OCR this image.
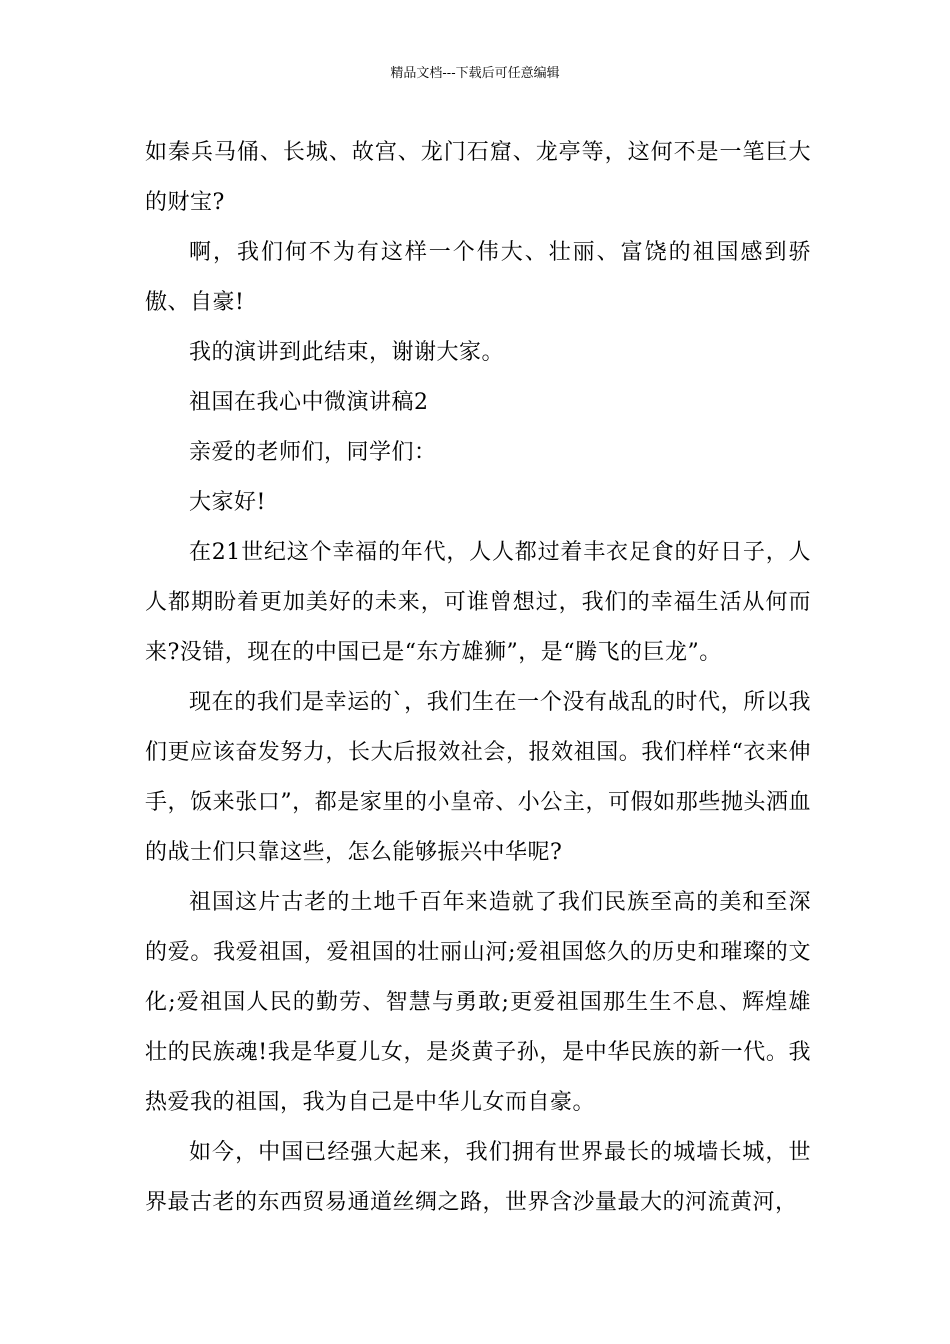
精品文档---下载后可任意编辑

如秦兵马俑、长城、故宫、龙门石窟、龙亭等，这何不是一笔巨大的财宝?

啊，我们何不为有这样一个伟大、壮丽、富饶的祖国感到骄傲、自豪!

我的演讲到此结束，谢谢大家。

祖国在我心中微演讲稿2

亲爱的老师们，同学们：

大家好!

在21世纪这个幸福的年代，人人都过着丰衣足食的好日子，人人都期盼着更加美好的未来，可谁曾想过，我们的幸福生活从何而来?没错，现在的中国已是“东方雄狮”，是“腾飞的巨龙”。

现在的我们是幸运的`，我们生在一个没有战乱的时代，所以我们更应该奋发努力，长大后报效社会，报效祖国。我们样样“衣来伸手，饭来张口”，都是家里的小皇帝、小公主，可假如那些抛头洒血的战士们只靠这些，怎么能够振兴中华呢?

祖国这片古老的土地千百年来造就了我们民族至高的美和至深的爱。我爱祖国，爱祖国的壮丽山河;爱祖国悠久的历史和璀璨的文化;爱祖国人民的勤劳、智慧与勇敢;更爱祖国那生生不息、辉煌雄壮的民族魂!我是华夏儿女，是炎黄子孙，是中华民族的新一代。我热爱我的祖国，我为自己是中华儿女而自豪。

如今，中国已经强大起来，我们拥有世界最长的城墙长城，世界最古老的东西贸易通道丝绸之路，世界含沙量最大的河流黄河，
